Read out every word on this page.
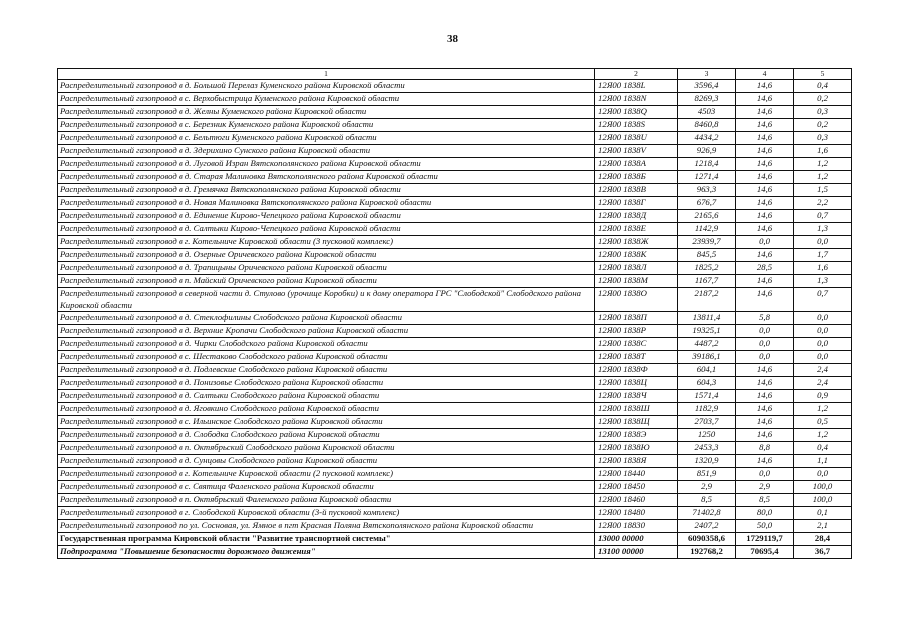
38
1	2	3	4	5
Распределительный газопровод в д. Большой Перелаз Куменского района Кировской области	12Я00 1838L	3596,4	14,6	0,4
Распределительный газопровод в с. Верхобыстрица Куменского района Кировской области	12Я00 1838N	8269,3	14,6	0,2
Распределительный газопровод в д. Желны Куменского района Кировской области	12Я00 1838Q	4503	14,6	0,3
Распределительный газопровод в с. Березник Куменского района Кировской области	12Я00 1838S	8460,8	14,6	0,2
Распределительный газопровод в с. Бельтюги Куменского района Кировской области	12Я00 1838U	4434,2	14,6	0,3
Распределительный газопровод в д. Здерихино Сунского района Кировской области	12Я00 1838V	926,9	14,6	1,6
Распределительный газопровод в д. Луговой Изран Вятскополянского района Кировской области	12Я00 1838А	1218,4	14,6	1,2
Распределительный газопровод в д. Старая Малиновка Вятскополянского района Кировской области	12Я00 1838Б	1271,4	14,6	1,2
Распределительный газопровод в д. Гремячка Вятскополянского района Кировской области	12Я00 1838В	963,3	14,6	1,5
Распределительный газопровод в д. Новая Малиновка Вятскополянского района Кировской области	12Я00 1838Г	676,7	14,6	2,2
Распределительный газопровод в д. Единение Кирово-Чепецкого района Кировской области	12Я00 1838Д	2165,6	14,6	0,7
Распределительный газопровод в д. Салтыки Кирово-Чепецкого района Кировской области	12Я00 1838Е	1142,9	14,6	1,3
Распределительный газопровод в г. Котельниче Кировской области (3 пусковой комплекс)	12Я00 1838Ж	23939,7	0,0	0,0
Распределительный газопровод в д. Озерные Оричевского района Кировской области	12Я00 1838К	845,5	14,6	1,7
Распределительный газопровод в д. Трапицыны Оричевского района Кировской области	12Я00 1838Л	1825,2	28,5	1,6
Распределительный газопровод в п. Майский Оричевского района Кировской области	12Я00 1838М	1167,7	14,6	1,3
Распределительный газопровод в северной части д. Стулово (урочище Коробки) и к дому оператора ГРС "Слободской" Слободского района Кировской области	12Я00 1838О	2187,2	14,6	0,7
Распределительный газопровод в д. Стеклофилины Слободского района Кировской области	12Я00 1838П	13811,4	5,8	0,0
Распределительный газопровод в д. Верхние Кропачи Слободского района Кировской области	12Я00 1838Р	19325,1	0,0	0,0
Распределительный газопровод в д. Чирки Слободского района Кировской области	12Я00 1838С	4487,2	0,0	0,0
Распределительный газопровод в с. Шестаково Слободского района Кировской области	12Я00 1838Т	39186,1	0,0	0,0
Распределительный газопровод в д. Подлевские Слободского района Кировской области	12Я00 1838Ф	604,1	14,6	2,4
Распределительный газопровод в д. Понизовье Слободского района Кировской области	12Я00 1838Ц	604,3	14,6	2,4
Распределительный газопровод в д. Салтыки Слободского района Кировской области	12Я00 1838Ч	1571,4	14,6	0,9
Распределительный газопровод в д. Яговкино Слободского района Кировской области	12Я00 1838Ш	1182,9	14,6	1,2
Распределительный газопровод в с. Ильинское Слободского района Кировской области	12Я00 1838Щ	2703,7	14,6	0,5
Распределительный газопровод в д. Слободка Слободского района Кировской области	12Я00 1838Э	1250	14,6	1,2
Распределительный газопровод в п. Октябрьский Слободского района Кировской области	12Я00 1838Ю	2453,3	8,8	0,4
Распределительный газопровод в д. Сунцовы Слободского района Кировской области	12Я00 1838Я	1320,9	14,6	1,1
Распределительный газопровод в г. Котельниче Кировской области (2 пусковой комплекс)	12Я00 18440	851,9	0,0	0,0
Распределительный газопровод в с. Святица Фаленского района Кировской области	12Я00 18450	2,9	2,9	100,0
Распределительный газопровод в п. Октябрьский Фаленского района Кировской области	12Я00 18460	8,5	8,5	100,0
Распределительный газопровод в г. Слободской Кировской области (3-й пусковой комплекс)	12Я00 18480	71402,8	80,0	0,1
Распределительный газопровод по ул. Сосновая, ул. Ямное в пгт Красная Поляна Вятскополянского района Кировской области	12Я00 18830	2407,2	50,0	2,1
Государственная программа Кировской области "Развитие транспортной системы"	13000 00000	6090358,6	1729119,7	28,4
Подпрограмма "Повышение безопасности дорожного движения"	13100 00000	192768,2	70695,4	36,7
